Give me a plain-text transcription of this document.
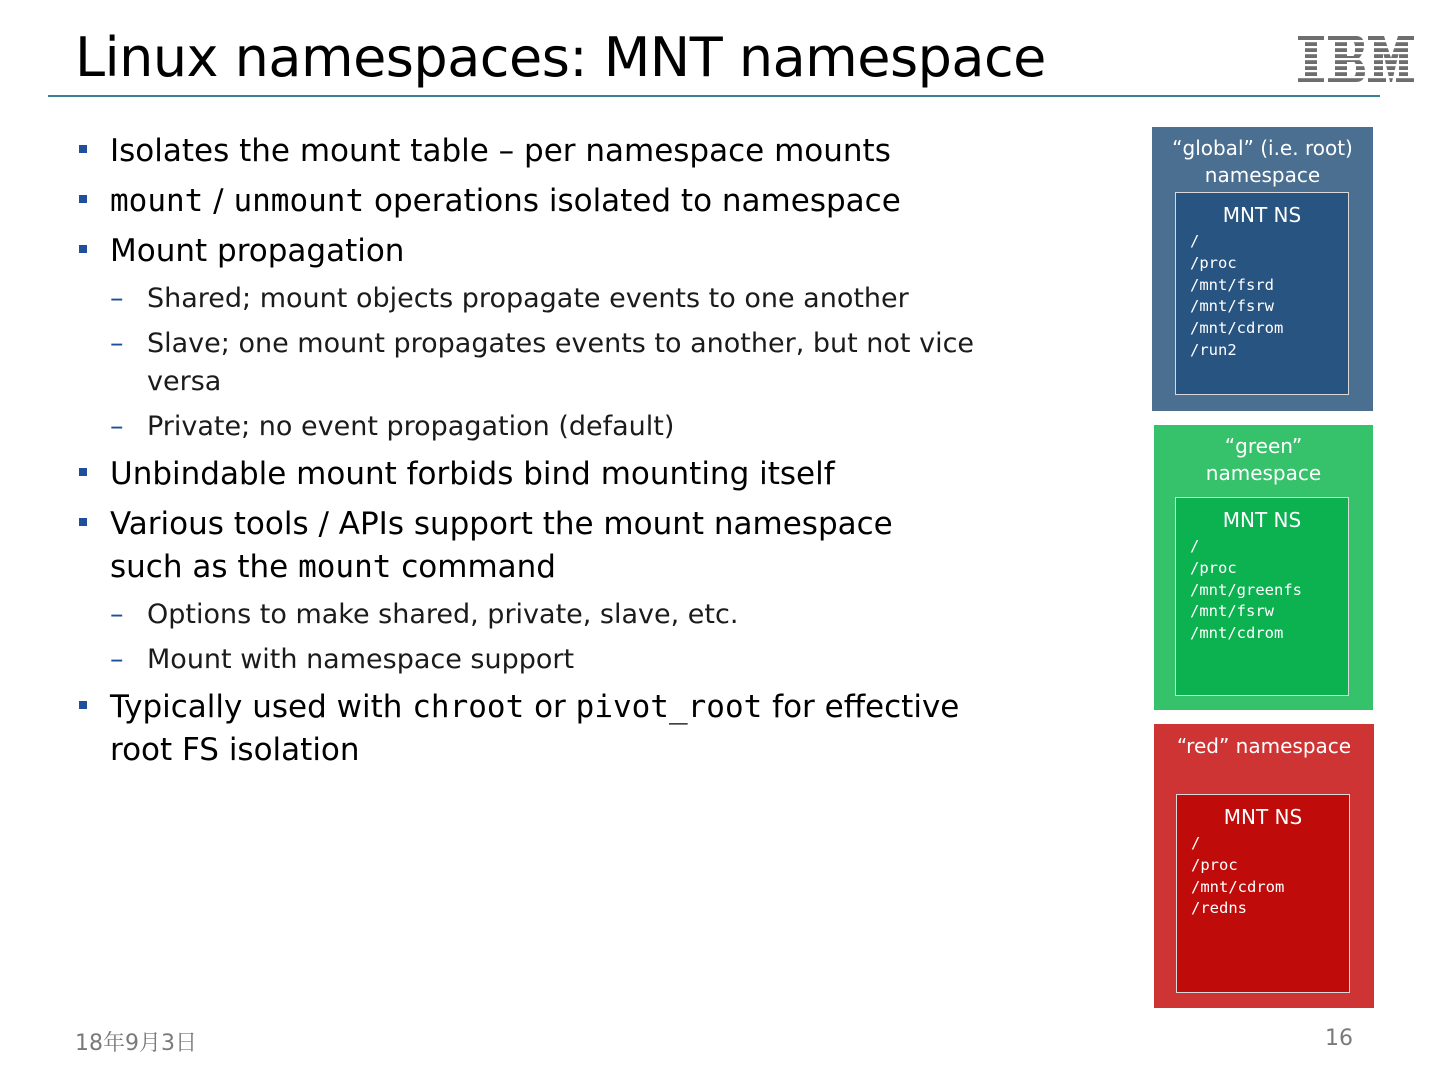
Linux namespaces: MNT namespace
Isolates the mount table – per namespace mounts
mount / unmount operations isolated to namespace
Mount propagation
– Shared; mount objects propagate events to one another
– Slave; one mount propagates events to another, but not vice versa
– Private; no event propagation (default)
Unbindable mount forbids bind mounting itself
Various tools / APIs support the mount namespace such as the mount command
– Options to make shared, private, slave, etc.
– Mount with namespace support
Typically used with chroot or pivot_root for effective root FS isolation
“global” (i.e. root) namespace
MNT NS
/
/proc
/mnt/fsrd
/mnt/fsrw
/mnt/cdrom
/run2
“green” namespace
MNT NS
/
/proc
/mnt/greenfs
/mnt/fsrw
/mnt/cdrom
“red” namespace
MNT NS
/
/proc
/mnt/cdrom
/redns
18年9月3日	16
